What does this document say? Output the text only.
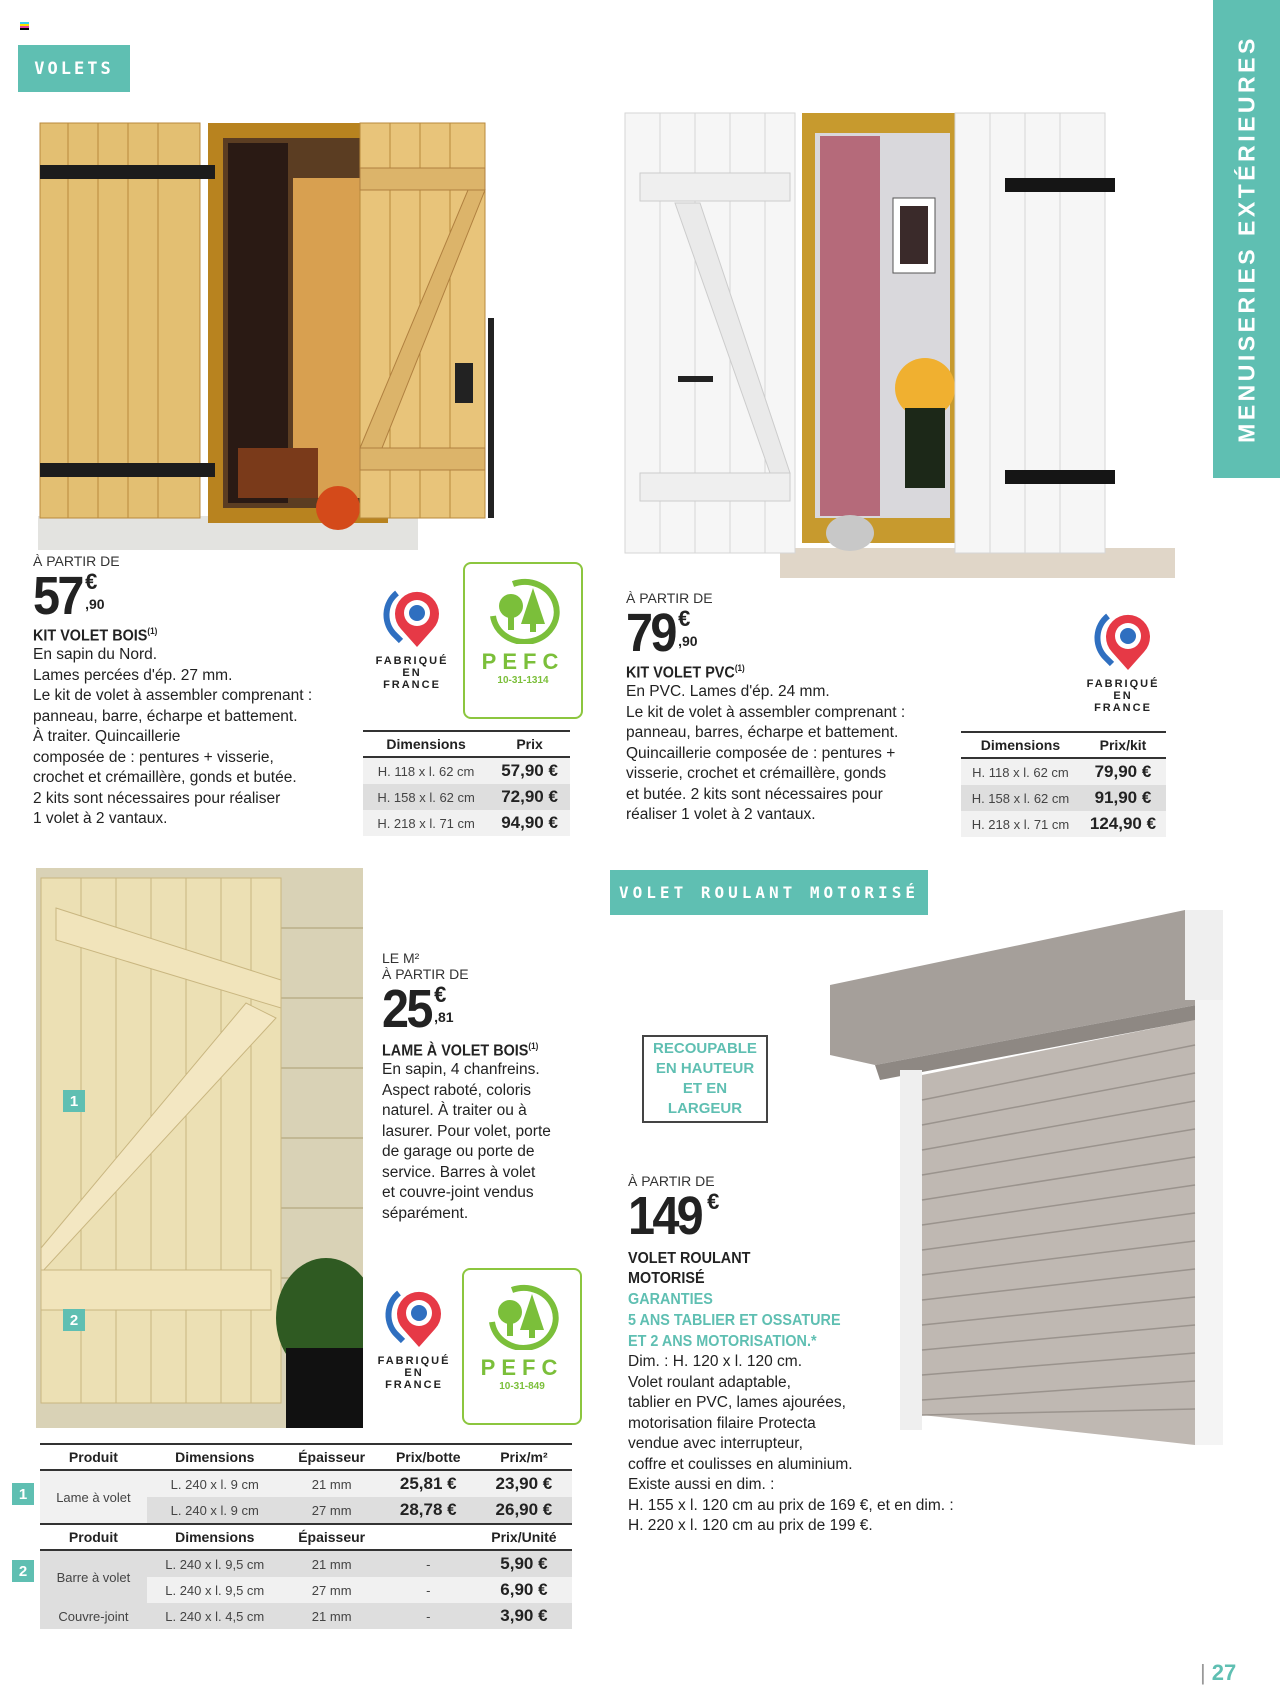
VOLETS	MENUISERIES EXTÉRIEURES
À PARTIR DE
57 €
,90
KIT VOLET BOIS$^{(1)}$
En sapin du Nord.
Lames percées d'ép. 27 mm.
Le kit de volet à assembler comprenant :
panneau, barre, écharpe et battement.
À traiter. Quincaillerie
composée de : pentures + visserie,
crochet et crémaillère, gonds et butée.
2 kits sont nécessaires pour réaliser
1 volet à 2 vantaux.
FABRIQUÉ
EN FRANCE
PEFC
10-31-1314
Dimensions	Prix
H. 118 x l. 62 cm	57,90 €
H. 158 x l. 62 cm	72,90 €
H. 218 x l. 71 cm	94,90 €
À PARTIR DE
79 €
,90
KIT VOLET PVC$^{(1)}$
En PVC. Lames d'ép. 24 mm.
Le kit de volet à assembler comprenant :
panneau, barres, écharpe et battement.
Quincaillerie composée de : pentures +
visserie, crochet et crémaillère, gonds
et butée. 2 kits sont nécessaires pour
réaliser 1 volet à 2 vantaux.
FABRIQUÉ
EN FRANCE
Dimensions	Prix/kit
H. 118 x l. 62 cm	79,90 €
H. 158 x l. 62 cm	91,90 €
H. 218 x l. 71 cm	124,90 €
1
2
LE M²
À PARTIR DE
25 €
,81
LAME À VOLET BOIS$^{(1)}$
En sapin, 4 chanfreins.
Aspect raboté, coloris
naturel. À traiter ou à
lasurer. Pour volet, porte
de garage ou porte de
service. Barres à volet
et couvre-joint vendus
séparément.
FABRIQUÉ
EN FRANCE
PEFC
10-31-849
1
2
Produit	Dimensions	Épaisseur	Prix/botte	Prix/m²
Lame à volet	L. 240 x l. 9 cm	21 mm	25,81 €	23,90 €
	L. 240 x l. 9 cm	27 mm	28,78 €	26,90 €
Produit	Dimensions	Épaisseur		Prix/Unité
Barre à volet	L. 240 x l. 9,5 cm	21 mm	-	5,90 €
	L. 240 x l. 9,5 cm	27 mm	-	6,90 €
Couvre-joint	L. 240 x l. 4,5 cm	21 mm	-	3,90 €
VOLET ROULANT MOTORISÉ
RECOUPABLE
EN HAUTEUR
ET EN LARGEUR
À PARTIR DE
149 €
VOLET ROULANT
MOTORISÉ
GARANTIES
5 ANS TABLIER ET OSSATURE
ET 2 ANS MOTORISATION.*
Dim. : H. 120 x l. 120 cm.
Volet roulant adaptable,
tablier en PVC, lames ajourées,
motorisation filaire Protecta
vendue avec interrupteur,
coffre et coulisses en aluminium.
Existe aussi en dim. :
H. 155 x l. 120 cm au prix de 169 €, et en dim. :
H. 220 x l. 120 cm au prix de 199 €.
| 27
